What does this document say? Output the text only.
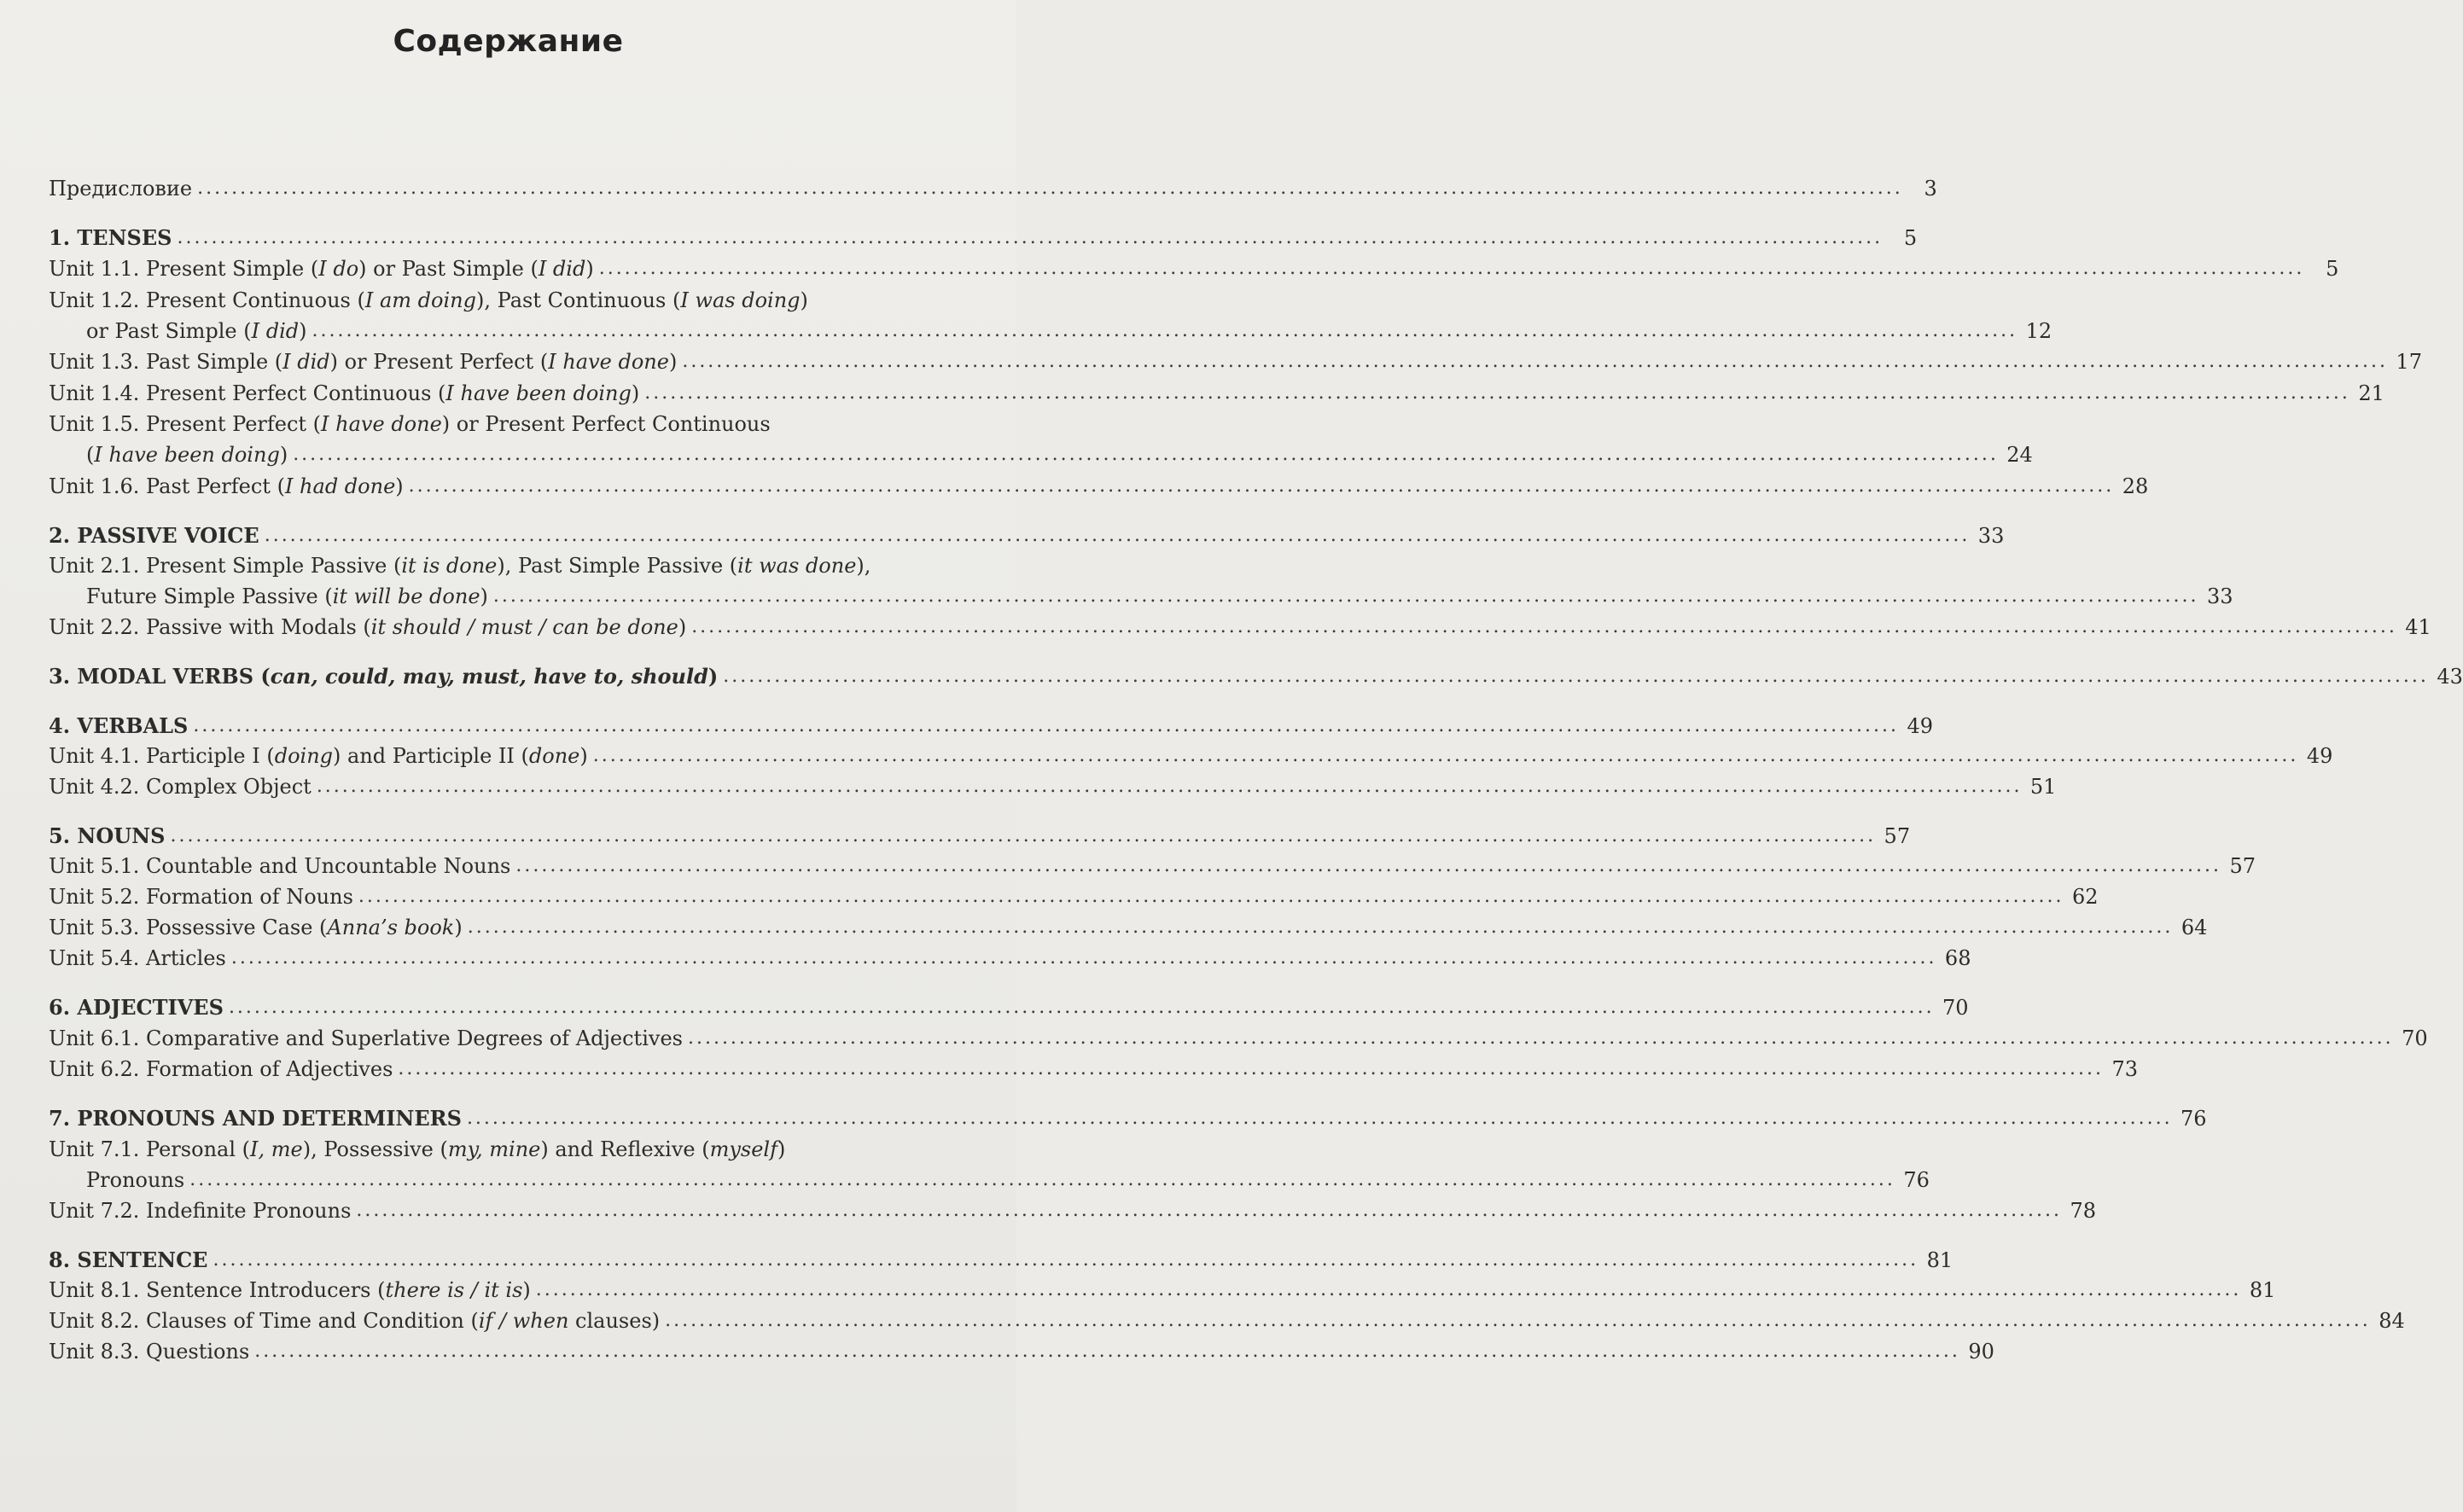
Содержание
Предисловие ........................................................................................................................................................................................................	3
1. TENSES ........................................................................................................................................................................................................	5
Unit 1.1. Present Simple (I do) or Past Simple (I did) ........................................................................................................................................................................................................	5
Unit 1.2. Present Continuous (I am doing), Past Continuous (I was doing)
or Past Simple (I did) ........................................................................................................................................................................................................ 12
Unit 1.3. Past Simple (I did) or Present Perfect (I have done) ........................................................................................................................................................................................................ 17
Unit 1.4. Present Perfect Continuous (I have been doing) ........................................................................................................................................................................................................ 21
Unit 1.5. Present Perfect (I have done) or Present Perfect Continuous
(I have been doing) ........................................................................................................................................................................................................ 24
Unit 1.6. Past Perfect (I had done) ........................................................................................................................................................................................................ 28
2. PASSIVE VOICE ........................................................................................................................................................................................................ 33
Unit 2.1. Present Simple Passive (it is done), Past Simple Passive (it was done),
Future Simple Passive (it will be done) ........................................................................................................................................................................................................ 33
Unit 2.2. Passive with Modals (it should / must / can be done) ........................................................................................................................................................................................................ 41
3. MODAL VERBS (can, could, may, must, have to, should) ........................................................................................................................................................................................................ 43
4. VERBALS ........................................................................................................................................................................................................ 49
Unit 4.1. Participle I (doing) and Participle II (done) ........................................................................................................................................................................................................ 49
Unit 4.2. Complex Object ........................................................................................................................................................................................................ 51
5. NOUNS ........................................................................................................................................................................................................ 57
Unit 5.1. Countable and Uncountable Nouns ........................................................................................................................................................................................................ 57
Unit 5.2. Formation of Nouns ........................................................................................................................................................................................................ 62
Unit 5.3. Possessive Case (Anna’s book) ........................................................................................................................................................................................................ 64
Unit 5.4. Articles ........................................................................................................................................................................................................ 68
6. ADJECTIVES ........................................................................................................................................................................................................ 70
Unit 6.1. Comparative and Superlative Degrees of Adjectives ........................................................................................................................................................................................................ 70
Unit 6.2. Formation of Adjectives ........................................................................................................................................................................................................ 73
7. PRONOUNS AND DETERMINERS ........................................................................................................................................................................................................ 76
Unit 7.1. Personal (I, me), Possessive (my, mine) and Reflexive (myself)
Pronouns ........................................................................................................................................................................................................ 76
Unit 7.2. Indefinite Pronouns ........................................................................................................................................................................................................ 78
8. SENTENCE ........................................................................................................................................................................................................ 81
Unit 8.1. Sentence Introducers (there is / it is) ........................................................................................................................................................................................................ 81
Unit 8.2. Clauses of Time and Condition (if / when clauses) ........................................................................................................................................................................................................ 84
Unit 8.3. Questions ........................................................................................................................................................................................................ 90
